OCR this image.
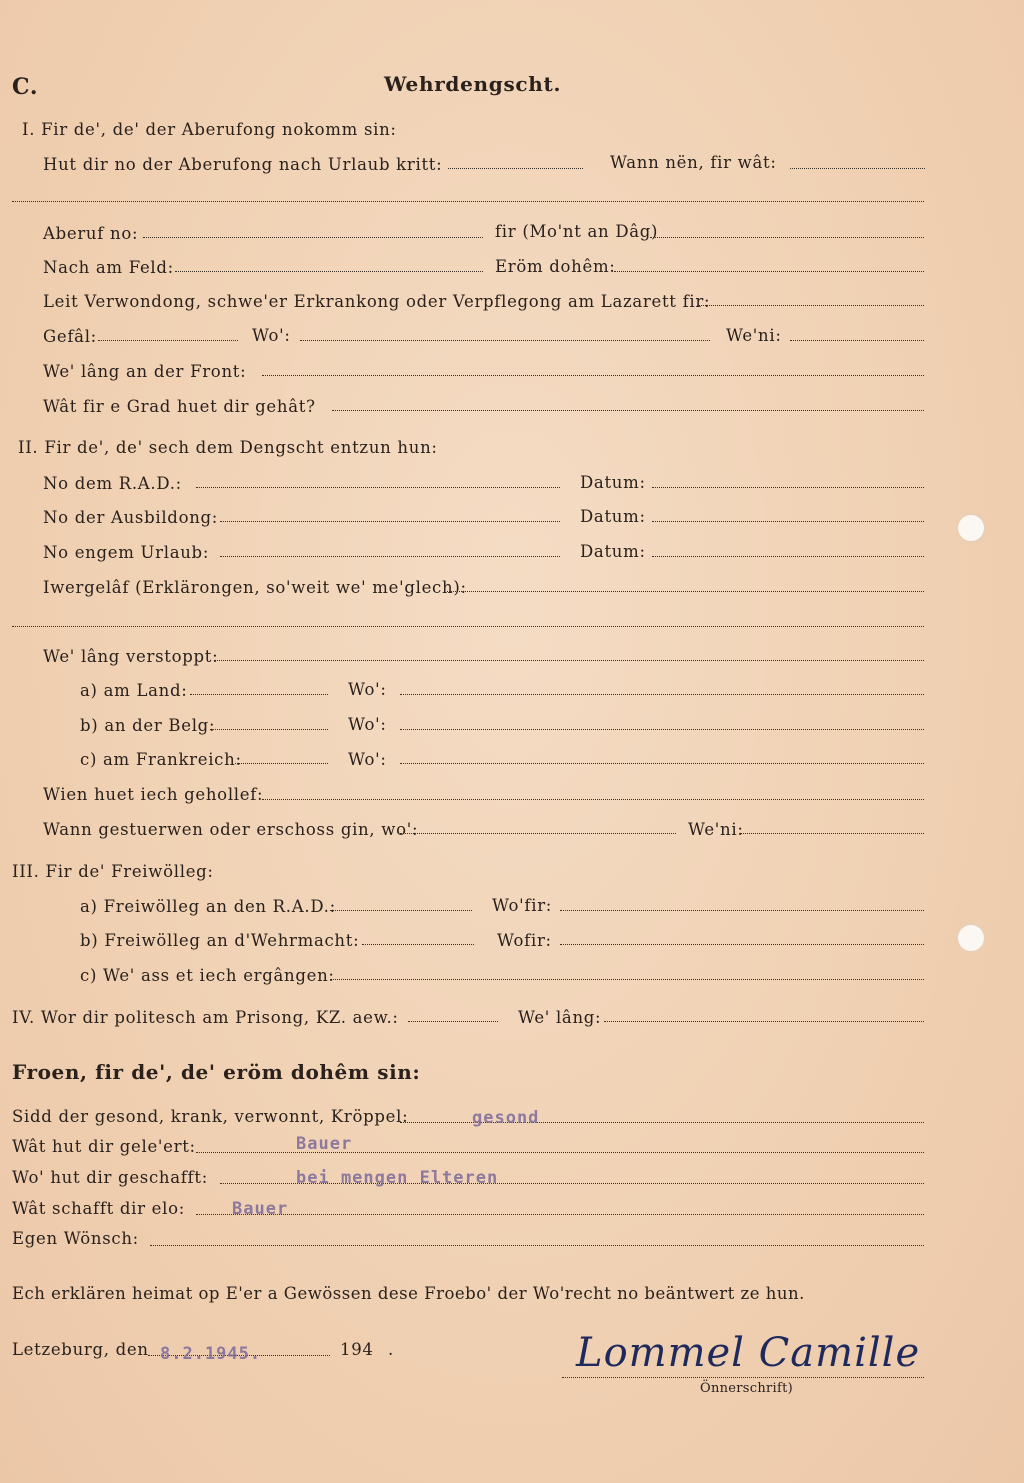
C.	Wehrdengscht.
I. Fir de', de' der Aberufong nokomm sin:
Hut dir no der Aberufong nach Urlaub kritt:	Wann nën, fir wât:
Aberuf no:	fir (Mo'nt an Dâg)
Nach am Feld:	Eröm dohêm:
Leit Verwondong, schwe'er Erkrankong oder Verpflegong am Lazarett fir:
Gefâl:	Wo':	We'ni:
We' lâng an der Front:
Wât fir e Grad huet dir gehât?
II. Fir de', de' sech dem Dengscht entzun hun:
No dem R.A.D.:	Datum:
No der Ausbildong:	Datum:
No engem Urlaub:	Datum:
Iwergelâf (Erklärongen, so'weit we' me'glech):
We' lâng verstoppt:
a) am Land:	Wo':
b) an der Belg:	Wo':
c) am Frankreich:	Wo':
Wien huet iech gehollef:
Wann gestuerwen oder erschoss gin, wo':	We'ni:
III. Fir de' Freiwölleg:
a) Freiwölleg an den R.A.D.:	Wo'fir:
b) Freiwölleg an d'Wehrmacht:	Wofir:
c) We' ass et iech ergângen:
IV. Wor dir politesch am Prisong, KZ. aew.:	We' lâng:
Froen, fir de', de' eröm dohêm sin:
Sidd der gesond, krank, verwonnt, Kröppel:	gesond
Wât hut dir gele'ert:	Bauer
Wo' hut dir geschafft:	bei mengen Elteren
Wât schafft dir elo:	Bauer
Egen Wönsch:
Ech erklären heimat op E'er a Gewössen dese Froebo' der Wo'recht no beäntwert ze hun.
Letzeburg, den 8.2.1945.	194 .	Lommel Camille
Önnerschrift)
